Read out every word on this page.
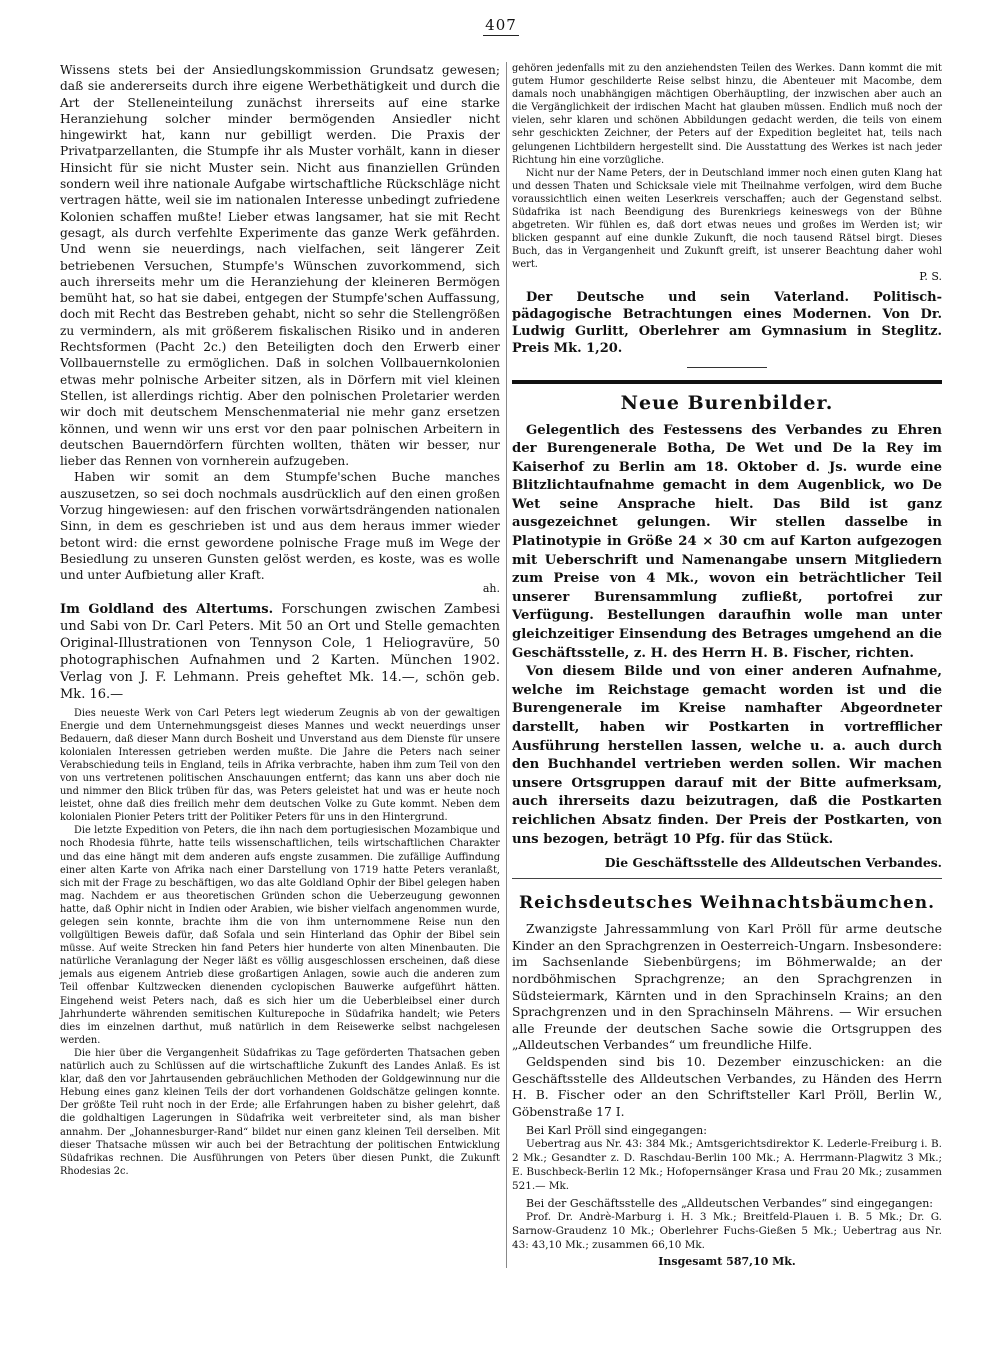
407

Wissens stets bei der Ansiedlungskommission Grundsatz gewesen; daß sie andererseits durch ihre eigene Werbethätigkeit und durch die Art der Stelleneinteilung zunächst ihrerseits auf eine starke Heranziehung solcher minder bermögenden Ansiedler nicht hingewirkt hat, kann nur gebilligt werden. Die Praxis der Privatparzellanten, die Stumpfe ihr als Muster vorhält, kann in dieser Hinsicht für sie nicht Muster sein. Nicht aus finanziellen Gründen sondern weil ihre nationale Aufgabe wirtschaftliche Rückschläge nicht vertragen hätte, weil sie im nationalen Interesse unbedingt zufriedene Kolonien schaffen mußte! Lieber etwas langsamer, hat sie mit Recht gesagt, als durch verfehlte Experimente das ganze Werk gefährden. Und wenn sie neuerdings, nach vielfachen, seit längerer Zeit betriebenen Versuchen, Stumpfe's Wünschen zuvorkommend, sich auch ihrerseits mehr um die Heranziehung der kleineren Bermögen bemüht hat, so hat sie dabei, entgegen der Stumpfe'schen Auffassung, doch mit Recht das Bestreben gehabt, nicht so sehr die Stellengrößen zu vermindern, als mit größerem fiskalischen Risiko und in anderen Rechtsformen (Pacht 2c.) den Beteiligten doch den Erwerb einer Vollbauernstelle zu ermöglichen. Daß in solchen Vollbauernkolonien etwas mehr polnische Arbeiter sitzen, als in Dörfern mit viel kleinen Stellen, ist allerdings richtig. Aber den polnischen Proletarier werden wir doch mit deutschem Menschenmaterial nie mehr ganz ersetzen können, und wenn wir uns erst vor den paar polnischen Arbeitern in deutschen Bauerndörfern fürchten wollten, thäten wir besser, nur lieber das Rennen von vornherein aufzugeben.

Haben wir somit an dem Stumpfe'schen Buche manches auszusetzen, so sei doch nochmals ausdrücklich auf den einen großen Vorzug hingewiesen: auf den frischen vorwärtsdrängenden nationalen Sinn, in dem es geschrieben ist und aus dem heraus immer wieder betont wird: die ernst gewordene polnische Frage muß im Wege der Besiedlung zu unseren Gunsten gelöst werden, es koste, was es wolle und unter Aufbietung aller Kraft.

ah.

Im Goldland des Altertums. Forschungen zwischen Zambesi und Sabi von Dr. Carl Peters. Mit 50 an Ort und Stelle gemachten Original-Illustrationen von Tennyson Cole, 1 Heliogravüre, 50 photographischen Aufnahmen und 2 Karten. München 1902. Verlag von J. F. Lehmann. Preis geheftet Mk. 14.—, schön geb. Mk. 16.—

Dies neueste Werk von Carl Peters legt wiederum Zeugnis ab von der gewaltigen Energie und dem Unternehmungsgeist dieses Mannes und weckt neuerdings unser Bedauern, daß dieser Mann durch Bosheit und Unverstand aus dem Dienste für unsere kolonialen Interessen getrieben werden mußte. Die Jahre die Peters nach seiner Verabschiedung teils in England, teils in Afrika verbrachte, haben ihm zum Teil von den von uns vertretenen politischen Anschauungen entfernt; das kann uns aber doch nie und nimmer den Blick trüben für das, was Peters geleistet hat und was er heute noch leistet, ohne daß dies freilich mehr dem deutschen Volke zu Gute kommt. Neben dem kolonialen Pionier Peters tritt der Politiker Peters für uns in den Hintergrund.

Die letzte Expedition von Peters, die ihn nach dem portugiesischen Mozambique und noch Rhodesia führte, hatte teils wissenschaftlichen, teils wirtschaftlichen Charakter und das eine hängt mit dem anderen aufs engste zusammen. Die zufällige Auffindung einer alten Karte von Afrika nach einer Darstellung von 1719 hatte Peters veranlaßt, sich mit der Frage zu beschäftigen, wo das alte Goldland Ophir der Bibel gelegen haben mag. Nachdem er aus theoretischen Gründen schon die Ueberzeugung gewonnen hatte, daß Ophir nicht in Indien oder Arabien, wie bisher vielfach angenommen wurde, gelegen sein konnte, brachte ihm die von ihm unternommene Reise nun den vollgültigen Beweis dafür, daß Sofala und sein Hinterland das Ophir der Bibel sein müsse. Auf weite Strecken hin fand Peters hier hunderte von alten Minenbauten. Die natürliche Veranlagung der Neger läßt es völlig ausgeschlossen erscheinen, daß diese jemals aus eigenem Antrieb diese großartigen Anlagen, sowie auch die anderen zum Teil offenbar Kultzwecken dienenden cyclopischen Bauwerke aufgeführt hätten. Eingehend weist Peters nach, daß es sich hier um die Ueberbleibsel einer durch Jahrhunderte währenden semitischen Kulturepoche in Südafrika handelt; wie Peters dies im einzelnen darthut, muß natürlich in dem Reisewerke selbst nachgelesen werden.

Die hier über die Vergangenheit Südafrikas zu Tage geförderten Thatsachen geben natürlich auch zu Schlüssen auf die wirtschaftliche Zukunft des Landes Anlaß. Es ist klar, daß den vor Jahrtausenden gebräuchlichen Methoden der Goldgewinnung nur die Hebung eines ganz kleinen Teils der dort vorhandenen Goldschätze gelingen konnte. Der größte Teil ruht noch in der Erde; alle Erfahrungen haben zu bisher gelehrt, daß die goldhaltigen Lagerungen in Südafrika weit verbreiteter sind, als man bisher annahm. Der „Johannesburger-Rand“ bildet nur einen ganz kleinen Teil derselben. Mit dieser Thatsache müssen wir auch bei der Betrachtung der politischen Entwicklung Südafrikas rechnen. Die Ausführungen von Peters über diesen Punkt, die Zukunft Rhodesias 2c.

gehören jedenfalls mit zu den anziehendsten Teilen des Werkes. Dann kommt die mit gutem Humor geschilderte Reise selbst hinzu, die Abenteuer mit Macombe, dem damals noch unabhängigen mächtigen Oberhäuptling, der inzwischen aber auch an die Vergänglichkeit der irdischen Macht hat glauben müssen. Endlich muß noch der vielen, sehr klaren und schönen Abbildungen gedacht werden, die teils von einem sehr geschickten Zeichner, der Peters auf der Expedition begleitet hat, teils nach gelungenen Lichtbildern hergestellt sind. Die Ausstattung des Werkes ist nach jeder Richtung hin eine vorzügliche.

Nicht nur der Name Peters, der in Deutschland immer noch einen guten Klang hat und dessen Thaten und Schicksale viele mit Theilnahme verfolgen, wird dem Buche voraussichtlich einen weiten Leserkreis verschaffen; auch der Gegenstand selbst. Südafrika ist nach Beendigung des Burenkriegs keineswegs von der Bühne abgetreten. Wir fühlen es, daß dort etwas neues und großes im Werden ist; wir blicken gespannt auf eine dunkle Zukunft, die noch tausend Rätsel birgt. Dieses Buch, das in Vergangenheit und Zukunft greift, ist unserer Beachtung daher wohl wert.

P. S.

Der Deutsche und sein Vaterland. Politisch-pädagogische Betrachtungen eines Modernen. Von Dr. Ludwig Gurlitt, Oberlehrer am Gymnasium in Steglitz. Preis Mk. 1,20.

Neue Burenbilder.

Gelegentlich des Festessens des Verbandes zu Ehren der Burengenerale Botha, De Wet und De la Rey im Kaiserhof zu Berlin am 18. Oktober d. Js. wurde eine Blitzlichtaufnahme gemacht in dem Augenblick, wo De Wet seine Ansprache hielt. Das Bild ist ganz ausgezeichnet gelungen. Wir stellen dasselbe in Platinotypie in Größe 24 × 30 cm auf Karton aufgezogen mit Ueberschrift und Namenangabe unsern Mitgliedern zum Preise von 4 Mk., wovon ein beträchtlicher Teil unserer Burensammlung zufließt, portofrei zur Verfügung. Bestellungen daraufhin wolle man unter gleichzeitiger Einsendung des Betrages umgehend an die Geschäftsstelle, z. H. des Herrn H. B. Fischer, richten.

Von diesem Bilde und von einer anderen Aufnahme, welche im Reichstage gemacht worden ist und die Burengenerale im Kreise namhafter Abgeordneter darstellt, haben wir Postkarten in vortrefflicher Ausführung herstellen lassen, welche u. a. auch durch den Buchhandel vertrieben werden sollen. Wir machen unsere Ortsgruppen darauf mit der Bitte aufmerksam, auch ihrerseits dazu beizutragen, daß die Postkarten reichlichen Absatz finden. Der Preis der Postkarten, von uns bezogen, beträgt 10 Pfg. für das Stück.

Die Geschäftsstelle des Alldeutschen Verbandes.
Reichsdeutsches Weihnachtsbäumchen.

Zwanzigste Jahressammlung von Karl Pröll für arme deutsche Kinder an den Sprachgrenzen in Oesterreich-Ungarn. Insbesondere: im Sachsenlande Siebenbürgens; im Böhmerwalde; an der nordböhmischen Sprachgrenze; an den Sprachgrenzen in Südsteiermark, Kärnten und in den Sprachinseln Krains; an den Sprachgrenzen und in den Sprachinseln Mährens. — Wir ersuchen alle Freunde der deutschen Sache sowie die Ortsgruppen des „Alldeutschen Verbandes“ um freundliche Hilfe.

Geldspenden sind bis 10. Dezember einzuschicken: an die Geschäftsstelle des Alldeutschen Verbandes, zu Händen des Herrn H. B. Fischer oder an den Schriftsteller Karl Pröll, Berlin W., Göbenstraße 17 I.

Bei Karl Pröll sind eingegangen:

Uebertrag aus Nr. 43: 384 Mk.; Amtsgerichtsdirektor K. Lederle-Freiburg i. B. 2 Mk.; Gesandter z. D. Raschdau-Berlin 100 Mk.; A. Herrmann-Plagwitz 3 Mk.; E. Buschbeck-Berlin 12 Mk.; Hofopernsänger Krasa und Frau 20 Mk.; zusammen 521.— Mk.

Bei der Geschäftsstelle des „Alldeutschen Verbandes“ sind eingegangen:

Prof. Dr. Andrè-Marburg i. H. 3 Mk.; Breitfeld-Plauen i. B. 5 Mk.; Dr. G. Sarnow-Graudenz 10 Mk.; Oberlehrer Fuchs-Gießen 5 Mk.; Uebertrag aus Nr. 43: 43,10 Mk.; zusammen 66,10 Mk.

Insgesamt 587,10 Mk.
